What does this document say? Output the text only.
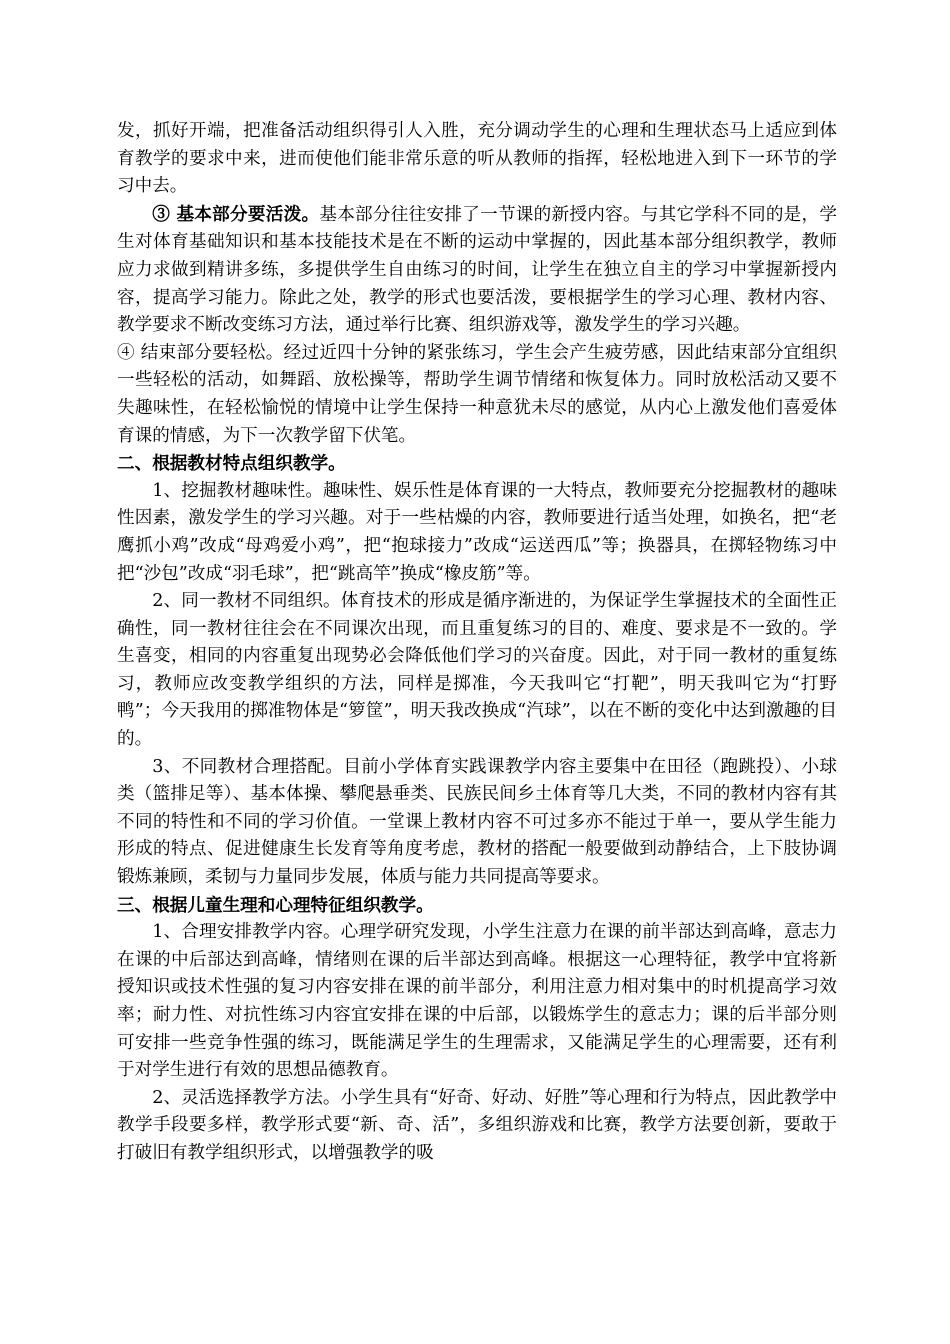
发，抓好开端，把准备活动组织得引人入胜，充分调动学生的心理和生理状态马上适应到体育教学的要求中来，进而使他们能非常乐意的听从教师的指挥，轻松地进入到下一环节的学习中去。

③ 基本部分要活泼。基本部分往往安排了一节课的新授内容。与其它学科不同的是，学生对体育基础知识和基本技能技术是在不断的运动中掌握的，因此基本部分组织教学，教师应力求做到精讲多练，多提供学生自由练习的时间，让学生在独立自主的学习中掌握新授内容，提高学习能力。除此之处，教学的形式也要活泼，要根据学生的学习心理、教材内容、教学要求不断改变练习方法，通过举行比赛、组织游戏等，激发学生的学习兴趣。

④ 结束部分要轻松。经过近四十分钟的紧张练习，学生会产生疲劳感，因此结束部分宜组织一些轻松的活动，如舞蹈、放松操等，帮助学生调节情绪和恢复体力。同时放松活动又要不失趣味性，在轻松愉悦的情境中让学生保持一种意犹未尽的感觉，从内心上激发他们喜爱体育课的情感，为下一次教学留下伏笔。

二、根据教材特点组织教学。

1、挖掘教材趣味性。趣味性、娱乐性是体育课的一大特点，教师要充分挖掘教材的趣味性因素，激发学生的学习兴趣。对于一些枯燥的内容，教师要进行适当处理，如换名，把“老鹰抓小鸡”改成“母鸡爱小鸡”，把“抱球接力”改成“运送西瓜”等；换器具，在掷轻物练习中把“沙包”改成“羽毛球”，把“跳高竿”换成“橡皮筋”等。

2、同一教材不同组织。体育技术的形成是循序渐进的，为保证学生掌握技术的全面性正确性，同一教材往往会在不同课次出现，而且重复练习的目的、难度、要求是不一致的。学生喜变，相同的内容重复出现势必会降低他们学习的兴奋度。因此，对于同一教材的重复练习，教师应改变教学组织的方法，同样是掷准，今天我叫它“打靶”，明天我叫它为“打野鸭”；今天我用的掷准物体是“箩筐”，明天我改换成“汽球”，以在不断的变化中达到激趣的目的。

3、不同教材合理搭配。目前小学体育实践课教学内容主要集中在田径（跑跳投）、小球类（篮排足等）、基本体操、攀爬悬垂类、民族民间乡土体育等几大类，不同的教材内容有其不同的特性和不同的学习价值。一堂课上教材内容不可过多亦不能过于单一，要从学生能力形成的特点、促进健康生长发育等角度考虑，教材的搭配一般要做到动静结合，上下肢协调锻炼兼顾，柔韧与力量同步发展，体质与能力共同提高等要求。

三、根据儿童生理和心理特征组织教学。

1、合理安排教学内容。心理学研究发现，小学生注意力在课的前半部达到高峰，意志力在课的中后部达到高峰，情绪则在课的后半部达到高峰。根据这一心理特征，教学中宜将新授知识或技术性强的复习内容安排在课的前半部分，利用注意力相对集中的时机提高学习效率；耐力性、对抗性练习内容宜安排在课的中后部，以锻炼学生的意志力；课的后半部分则可安排一些竞争性强的练习，既能满足学生的生理需求，又能满足学生的心理需要，还有利于对学生进行有效的思想品德教育。

2、灵活选择教学方法。小学生具有“好奇、好动、好胜”等心理和行为特点，因此教学中教学手段要多样，教学形式要“新、奇、活”，多组织游戏和比赛，教学方法要创新，要敢于打破旧有教学组织形式，以增强教学的吸
